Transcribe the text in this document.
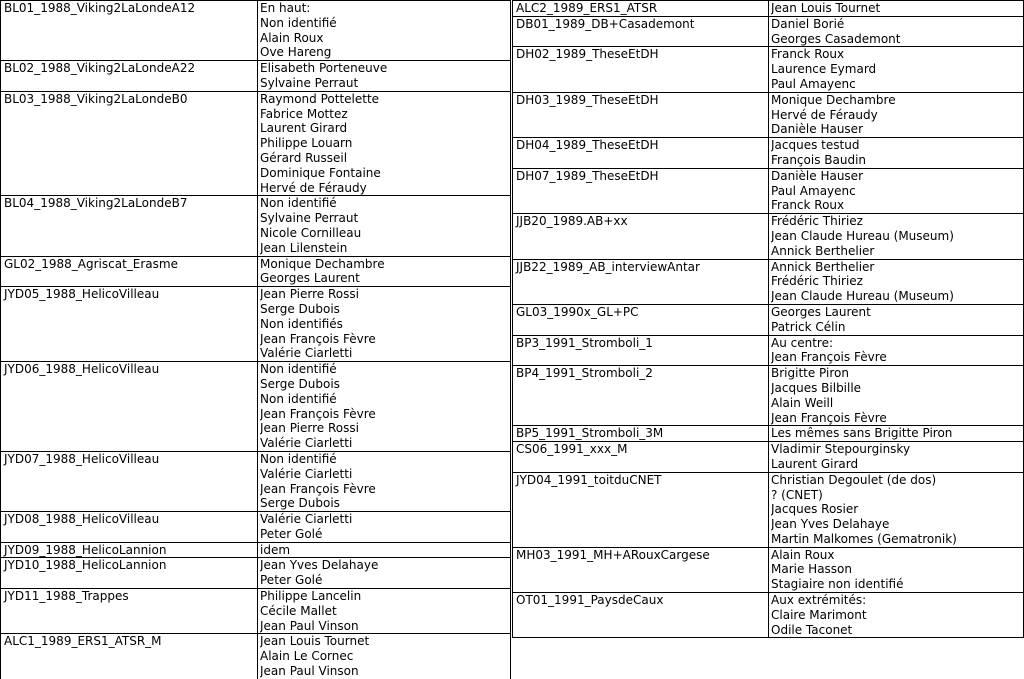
BL01_1988_Viking2LaLondeA12	En haut:
Non identifié
Alain Roux
Ove Hareng
BL02_1988_Viking2LaLondeA22	Elisabeth Porteneuve
Sylvaine Perraut
BL03_1988_Viking2LaLondeB0	Raymond Pottelette
Fabrice Mottez
Laurent Girard
Philippe Louarn
Gérard Russeil
Dominique Fontaine
Hervé de Féraudy
BL04_1988_Viking2LaLondeB7	Non identifié
Sylvaine Perraut
Nicole Cornilleau
Jean Lilenstein
GL02_1988_Agriscat_Erasme	Monique Dechambre
Georges Laurent
JYD05_1988_HelicoVilleau	Jean Pierre Rossi
Serge Dubois
Non identifiés
Jean François Fèvre
Valérie Ciarletti
JYD06_1988_HelicoVilleau	Non identifié
Serge Dubois
Non identifié
Jean François Fèvre
Jean Pierre Rossi
Valérie Ciarletti
JYD07_1988_HelicoVilleau	Non identifié
Valérie Ciarletti
Jean François Fèvre
Serge Dubois
JYD08_1988_HelicoVilleau	Valérie Ciarletti
Peter Golé
JYD09_1988_HelicoLannion	idem
JYD10_1988_HelicoLannion	Jean Yves Delahaye
Peter Golé
JYD11_1988_Trappes	Philippe Lancelin
Cécile Mallet
Jean Paul Vinson
ALC1_1989_ERS1_ATSR_M	Jean Louis Tournet
Alain Le Cornec
Jean Paul Vinson
ALC2_1989_ERS1_ATSR	Jean Louis Tournet
DB01_1989_DB+Casademont	Daniel Borié
Georges Casademont
DH02_1989_TheseEtDH	Franck Roux
Laurence Eymard
Paul Amayenc
DH03_1989_TheseEtDH	Monique Dechambre
Hervé de Féraudy
Danièle Hauser
DH04_1989_TheseEtDH	Jacques testud
François Baudin
DH07_1989_TheseEtDH	Danièle Hauser
Paul Amayenc
Franck Roux
JJB20_1989.AB+xx	Frédéric Thiriez
Jean Claude Hureau (Museum)
Annick Berthelier
JJB22_1989_AB_interviewAntar	Annick Berthelier
Frédéric Thiriez
Jean Claude Hureau (Museum)
GL03_1990x_GL+PC	Georges Laurent
Patrick Célin
BP3_1991_Stromboli_1	Au centre:
Jean François Fèvre
BP4_1991_Stromboli_2	Brigitte Piron
Jacques Bilbille
Alain Weill
Jean François Fèvre
BP5_1991_Stromboli_3M	Les mêmes sans Brigitte Piron
CS06_1991_xxx_M	Vladimir Stepourginsky
Laurent Girard
JYD04_1991_toitduCNET	Christian Degoulet (de dos)
? (CNET)
Jacques Rosier
Jean Yves Delahaye
Martin Malkomes (Gematronik)
MH03_1991_MH+ARouxCargese	Alain Roux
Marie Hasson
Stagiaire non identifié
OT01_1991_PaysdeCaux	Aux extrémités:
Claire Marimont
Odile Taconet
